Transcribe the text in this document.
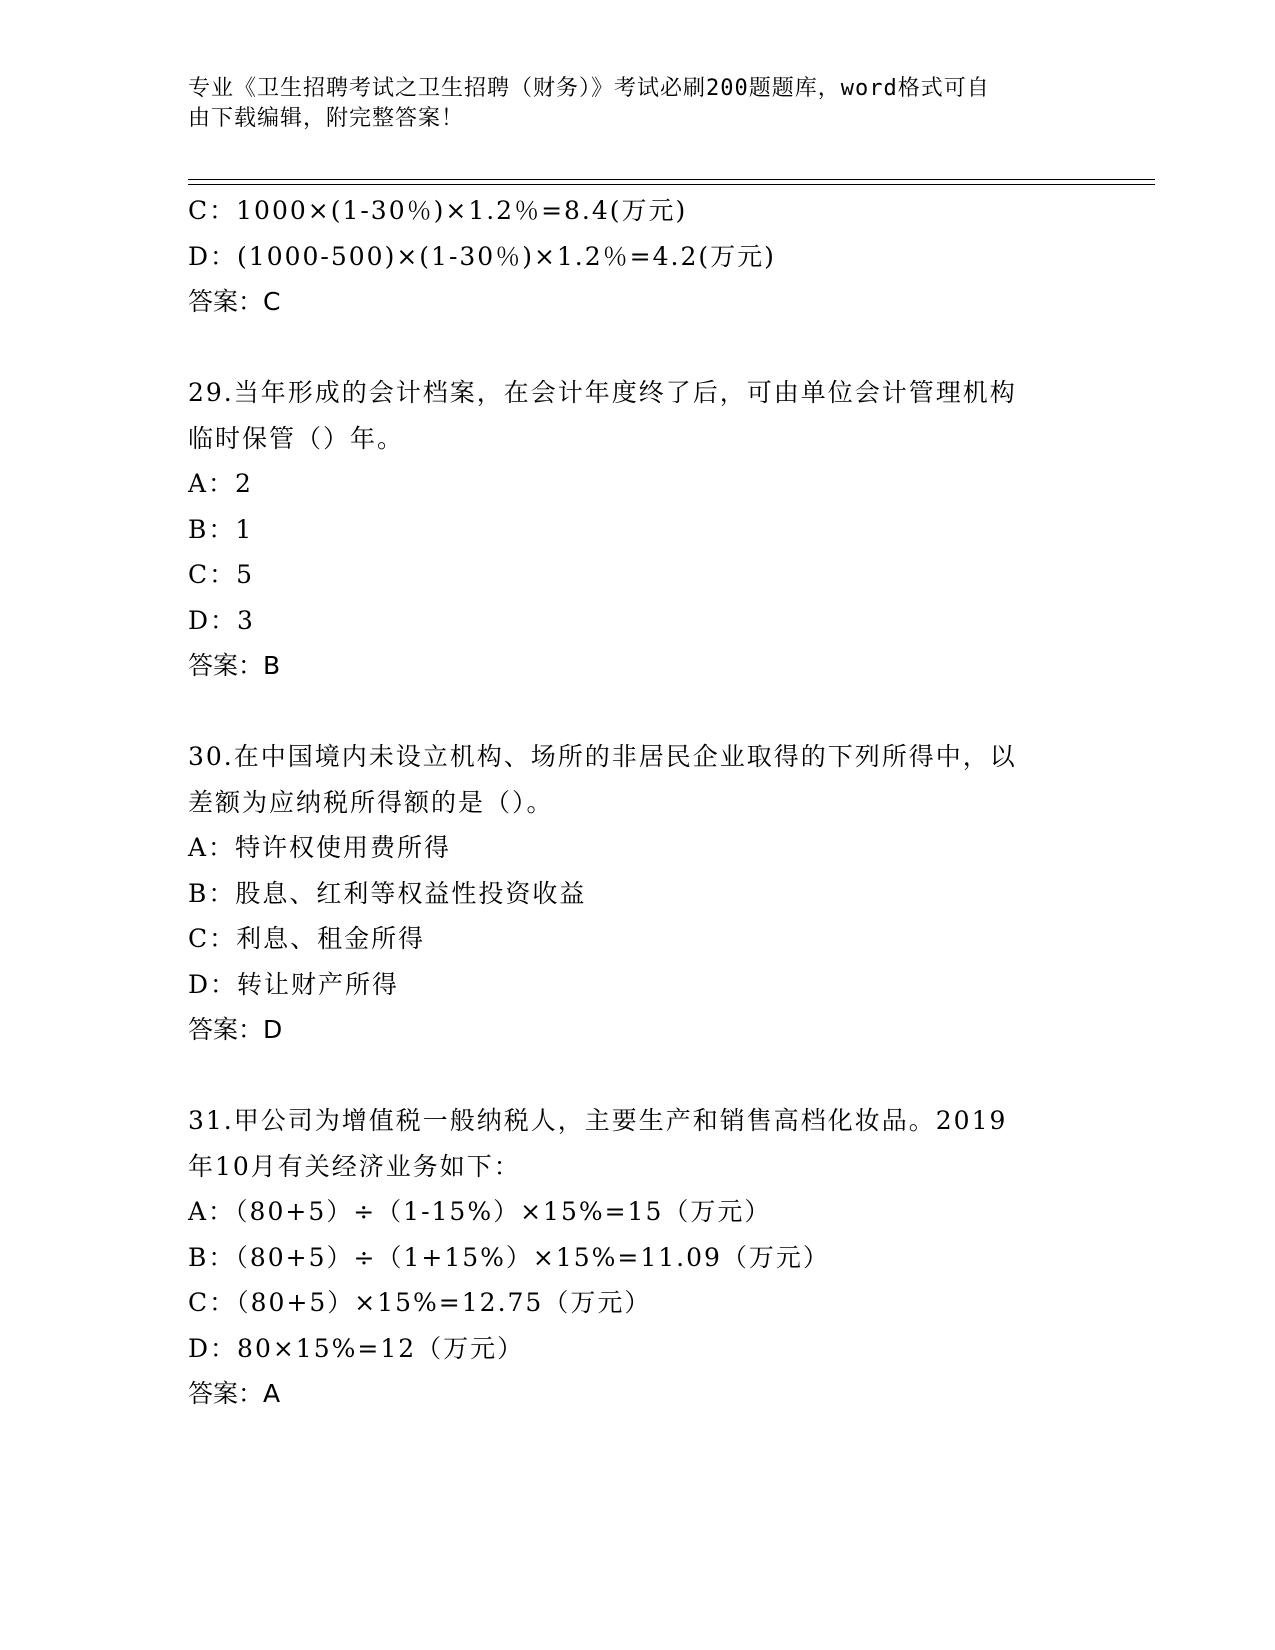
专业《卫生招聘考试之卫生招聘（财务）》考试必刷200题题库，word格式可自
由下载编辑，附完整答案！
C：1000×(1-30％)×1.2％=8.4(万元)
D：(1000-500)×(1-30％)×1.2％=4.2(万元)
答案：C
29.当年形成的会计档案，在会计年度终了后，可由单位会计管理机构
临时保管（）年。
A：2
B：1
C：5
D：3
答案：B
30.在中国境内未设立机构、场所的非居民企业取得的下列所得中，以
差额为应纳税所得额的是（）。
A：特许权使用费所得
B：股息、红利等权益性投资收益
C：利息、租金所得
D：转让财产所得
答案：D
31.甲公司为增值税一般纳税人，主要生产和销售高档化妆品。2019
年10月有关经济业务如下：
A：（80+5）÷（1-15%）×15%=15（万元）
B：（80+5）÷（1+15%）×15%=11.09（万元）
C：（80+5）×15%=12.75（万元）
D：80×15%=12（万元）
答案：A
